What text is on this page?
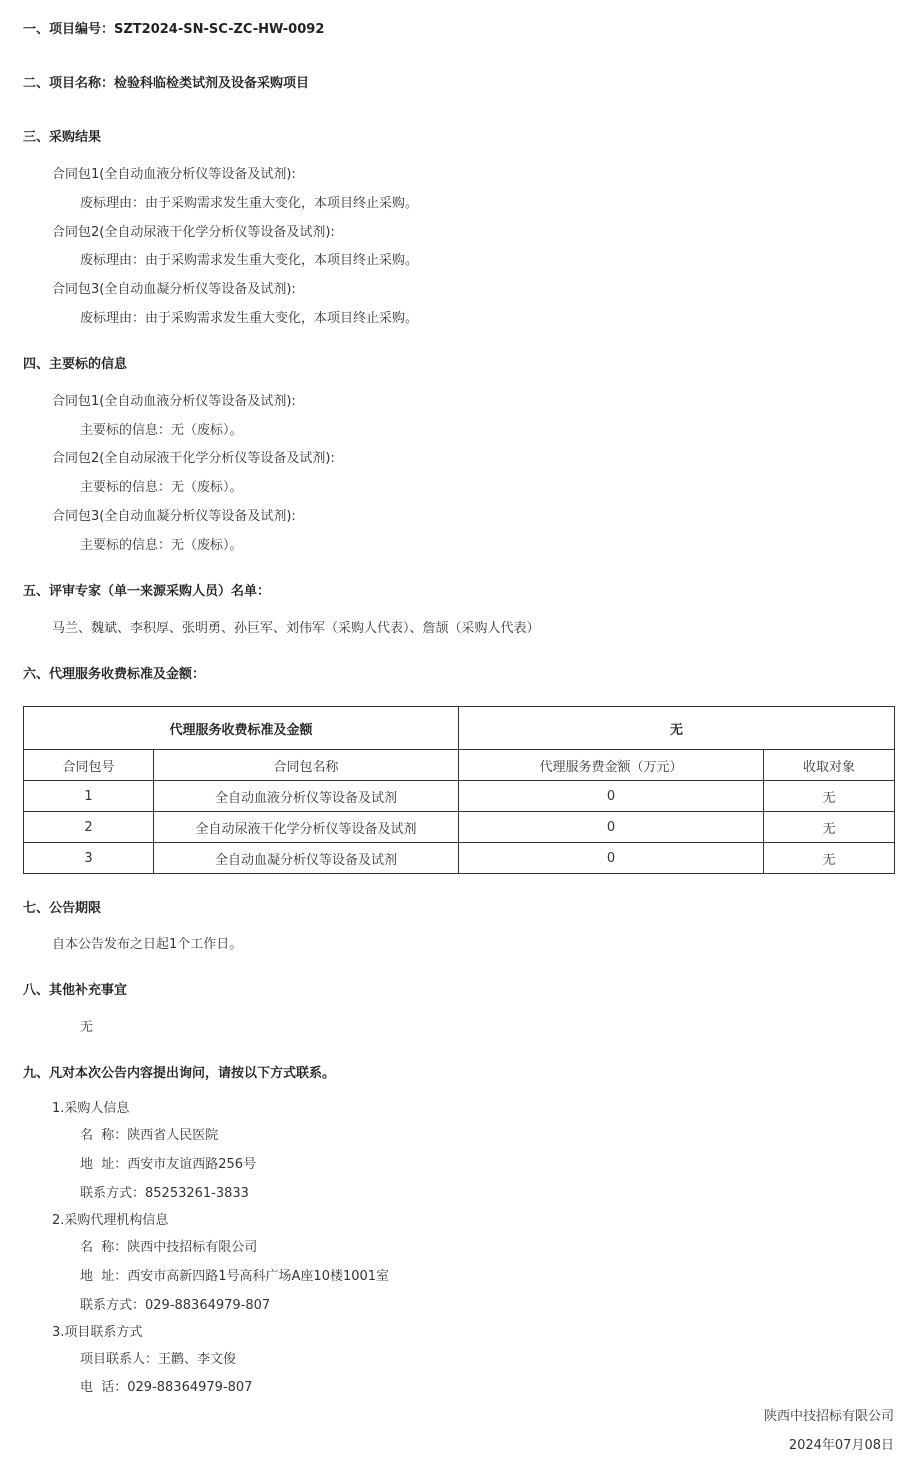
一、项目编号：SZT2024-SN-SC-ZC-HW-0092
二、项目名称：检验科临检类试剂及设备采购项目
三、采购结果
合同包1(全自动血液分析仪等设备及试剂):
废标理由：由于采购需求发生重大变化，本项目终止采购。
合同包2(全自动尿液干化学分析仪等设备及试剂):
废标理由：由于采购需求发生重大变化，本项目终止采购。
合同包3(全自动血凝分析仪等设备及试剂):
废标理由：由于采购需求发生重大变化，本项目终止采购。
四、主要标的信息
合同包1(全自动血液分析仪等设备及试剂):
主要标的信息：无（废标）。
合同包2(全自动尿液干化学分析仪等设备及试剂):
主要标的信息：无（废标）。
合同包3(全自动血凝分析仪等设备及试剂):
主要标的信息：无（废标）。
五、评审专家（单一来源采购人员）名单：
马兰、魏斌、李积厚、张明勇、孙巨军、刘伟军（采购人代表）、詹颉（采购人代表）
六、代理服务收费标准及金额：
代理服务收费标准及金额		无	
合同包号	合同包名称	代理服务费金额（万元）	收取对象
1	全自动血液分析仪等设备及试剂	0	无
2	全自动尿液干化学分析仪等设备及试剂	0	无
3	全自动血凝分析仪等设备及试剂	0	无
七、公告期限
自本公告发布之日起1个工作日。
八、其他补充事宜
无
九、凡对本次公告内容提出询问，请按以下方式联系。
1.采购人信息
名  称：陕西省人民医院
地  址：西安市友谊西路256号
联系方式：85253261-3833
2.采购代理机构信息
名  称：陕西中技招标有限公司
地  址：西安市高新四路1号高科广场A座10楼1001室
联系方式：029-88364979-807
3.项目联系方式
项目联系人：王鹳、李文俊
电  话：029-88364979-807
陕西中技招标有限公司
2024年07月08日
